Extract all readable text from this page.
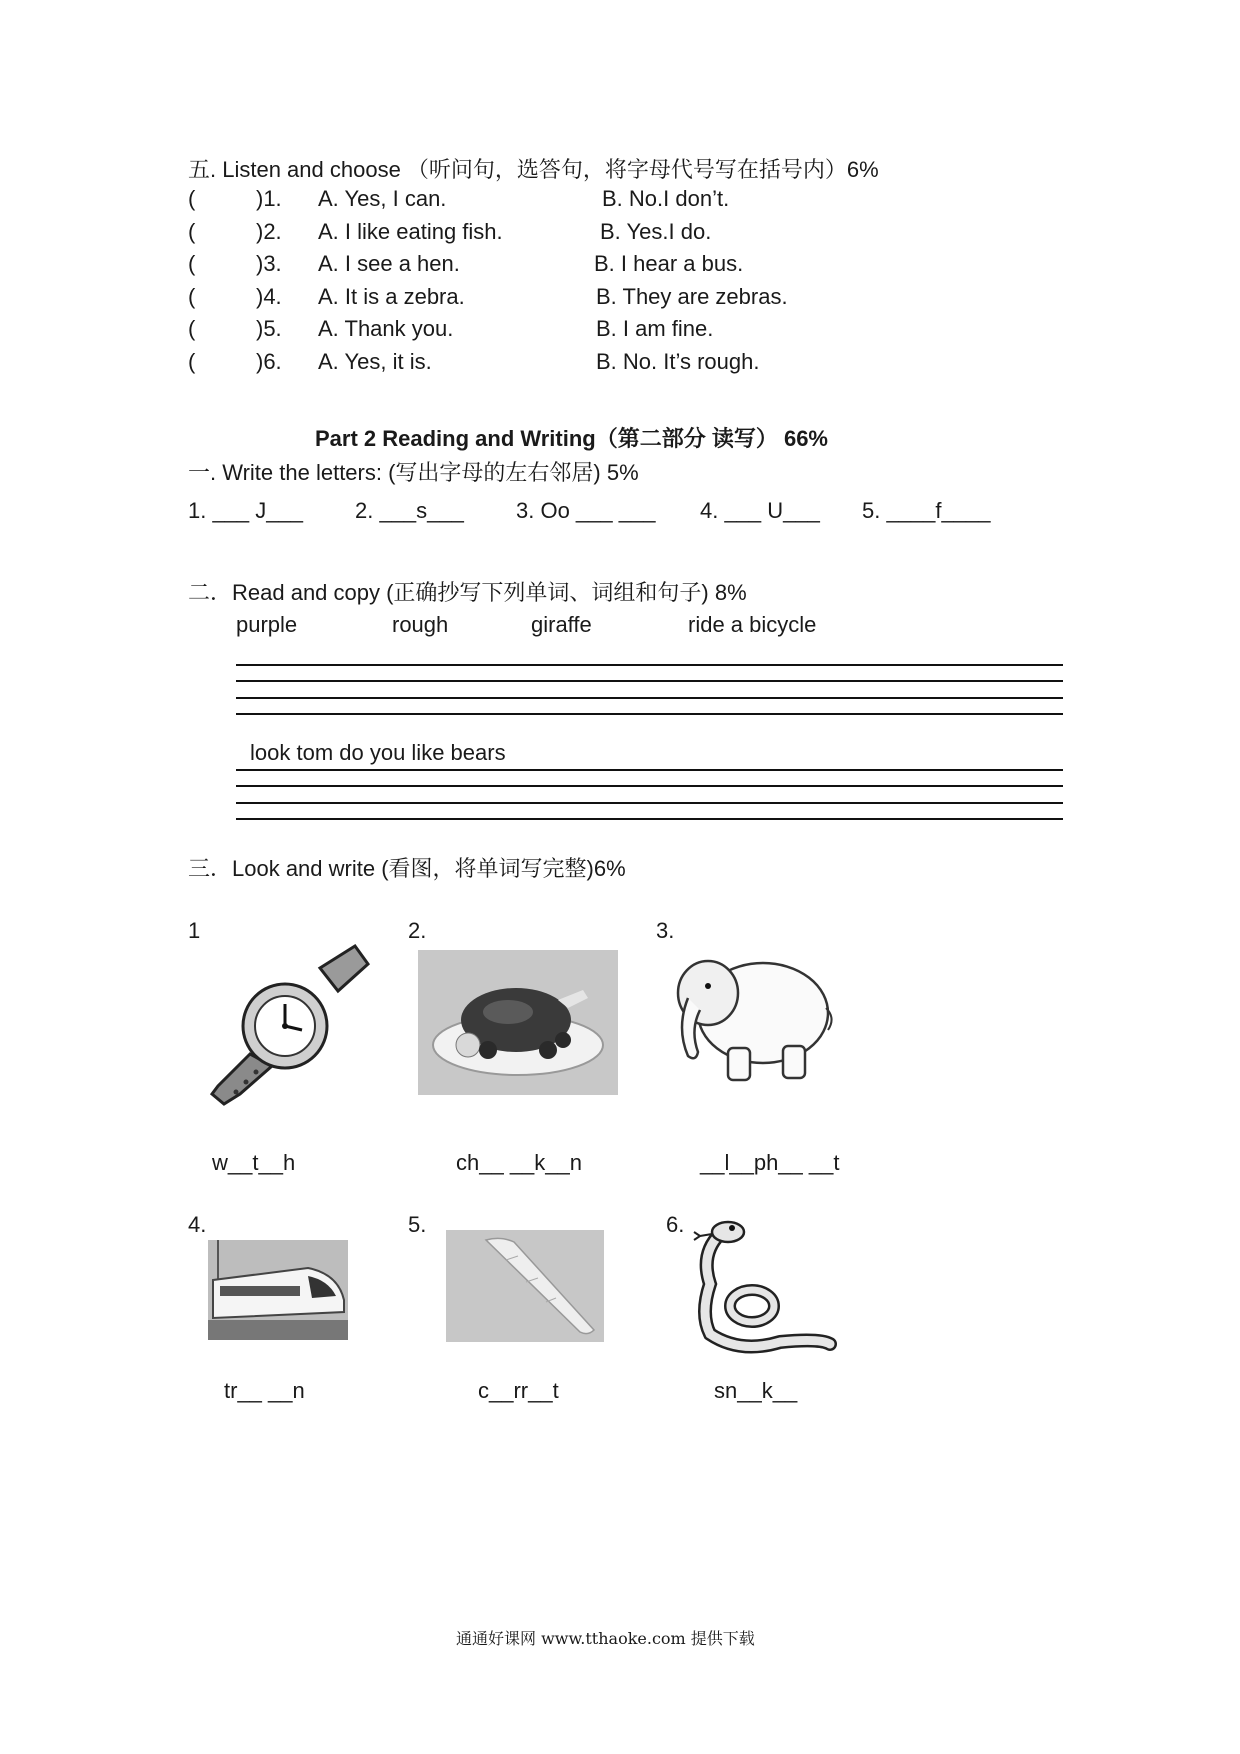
五. Listen and choose （听问句，选答句，将字母代号写在括号内）6%
(	)1. A. Yes, I can.	B. No.I don’t.
(	)2. A. I like eating fish.	B. Yes.I do.
(	)3. A. I see a hen.	B. I hear a bus.
(	)4. A. It is a zebra.	B. They are zebras.
(	)5. A. Thank you.	B. I am fine.
(	)6. A. Yes, it is.	B. No. It’s rough.
Part 2 Reading and Writing（第二部分 读写） 66%
一. Write the letters: (写出字母的左右邻居) 5%
1. ___ J___ 2. ___s___ 3. Oo ___ ___ 4. ___ U___ 5. ____f____
二．Read and copy (正确抄写下列单词、词组和句子) 8%
purple	rough	giraffe	ride a bicycle
look tom do you like bears
三．Look and write (看图，将单词写完整)6%
1
w__t__h
2.
ch__ __k__n
3.
__l__ph__ __t
4.
tr__ __n
5.
c__rr__t
6.
sn__k__
通通好课网 www.tthaoke.com 提供下载
